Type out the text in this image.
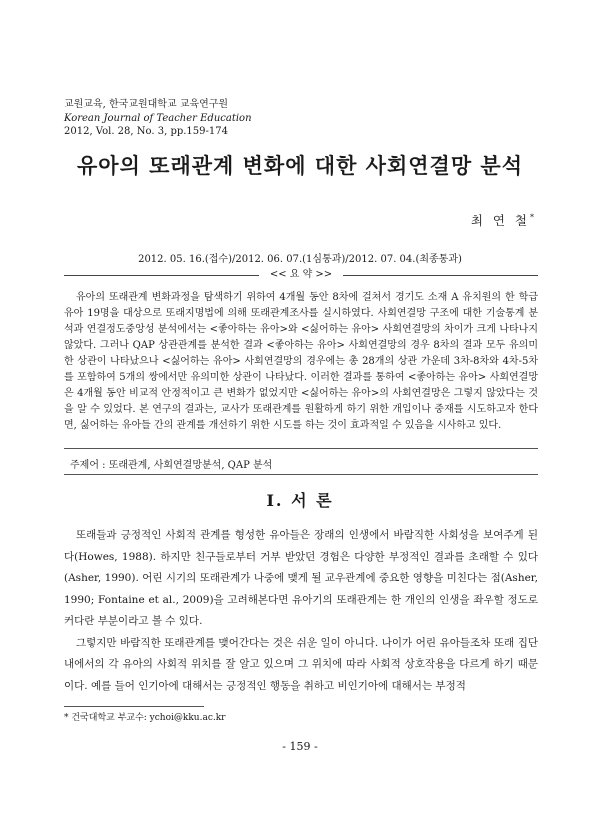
교원교육, 한국교원대학교 교육연구원
Korean Journal of Teacher Education
2012, Vol. 28, No. 3, pp.159-174
유아의 또래관계 변화에 대한 사회연결망 분석
최 연 철*
2012. 05. 16.(접수)/2012. 06. 07.(1심통과)/2012. 07. 04.(최종통과)
<< 요 약 >>

유아의 또래관계 변화과정을 탐색하기 위하여 4개월 동안 8차에 걸쳐서 경기도 소재 A 유치원의 한 학급 유아 19명을 대상으로 또래지명법에 의해 또래관계조사를 실시하였다. 사회연결망 구조에 대한 기술통계 분석과 연결정도중앙성 분석에서는 <좋아하는 유아>와 <싫어하는 유아> 사회연결망의 차이가 크게 나타나지 않았다. 그러나 QAP 상관관계를 분석한 결과 <좋아하는 유아> 사회연결망의 경우 8차의 결과 모두 유의미한 상관이 나타났으나 <싫어하는 유아> 사회연결망의 경우에는 총 28개의 상관 가운데 3차-8차와 4차-5차를 포함하여 5개의 쌍에서만 유의미한 상관이 나타났다. 이러한 결과를 통하여 <좋아하는 유아> 사회연결망은 4개월 동안 비교적 안정적이고 큰 변화가 없었지만 <싫어하는 유아>의 사회연결망은 그렇지 않았다는 것을 알 수 있었다. 본 연구의 결과는, 교사가 또래관계를 원활하게 하기 위한 개입이나 중재를 시도하고자 한다면, 싫어하는 유아들 간의 관계를 개선하기 위한 시도를 하는 것이 효과적일 수 있음을 시사하고 있다.

주제어 : 또래관계, 사회연결망분석, QAP 분석
Ⅰ. 서 론

또래들과 긍정적인 사회적 관계를 형성한 유아들은 장래의 인생에서 바람직한 사회성을 보여주게 된다(Howes, 1988). 하지만 친구들로부터 거부 받았던 경험은 다양한 부정적인 결과를 초래할 수 있다(Asher, 1990). 어린 시기의 또래관계가 나중에 맺게 될 교우관계에 중요한 영향을 미친다는 점(Asher, 1990; Fontaine et al., 2009)을 고려해본다면 유아기의 또래관계는 한 개인의 인생을 좌우할 정도로 커다란 부분이라고 볼 수 있다.

그렇지만 바람직한 또래관계를 맺어간다는 것은 쉬운 일이 아니다. 나이가 어린 유아들조차 또래 집단 내에서의 각 유아의 사회적 위치를 잘 알고 있으며 그 위치에 따라 사회적 상호작용을 다르게 하기 때문이다. 예를 들어 인기아에 대해서는 긍정적인 행동을 취하고 비인기아에 대해서는 부정적

* 건국대학교 부교수: ychoi@kku.ac.kr
- 159 -
